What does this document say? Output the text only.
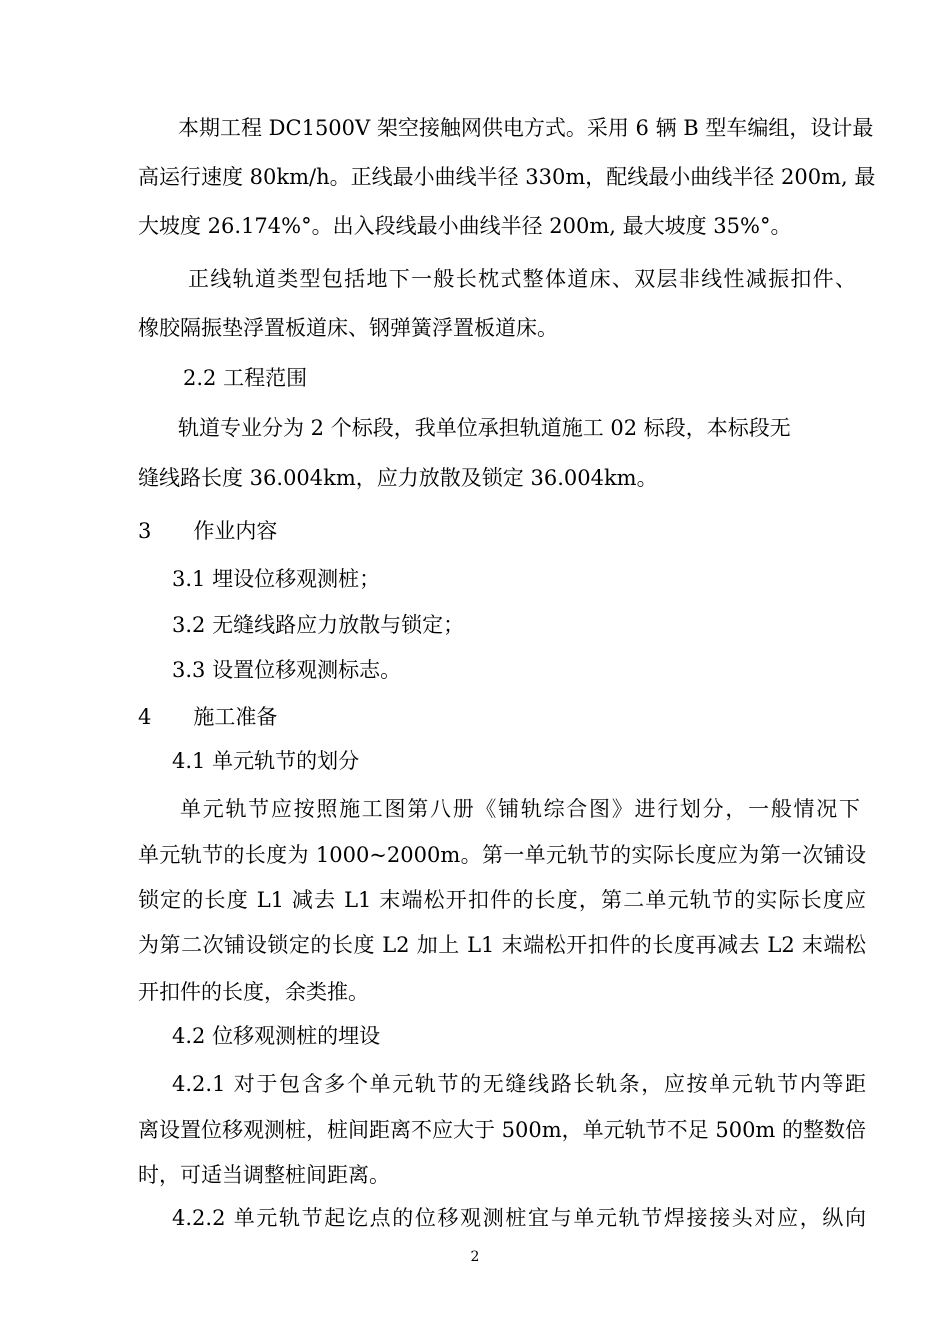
本期工程 DC1500V 架空接触网供电方式。采用 6 辆 B 型车编组，设计最
高运行速度 80km/h。正线最小曲线半径 330m，配线最小曲线半径 200m, 最
大坡度 26.174%°。出入段线最小曲线半径 200m, 最大坡度 35%°。
正线轨道类型包括地下一般长枕式整体道床、双层非线性减振扣件、
橡胶隔振垫浮置板道床、钢弹簧浮置板道床。
2.2 工程范围
轨道专业分为 2 个标段，我单位承担轨道施工 02 标段，本标段无
缝线路长度 36.004km，应力放散及锁定 36.004km。
3　　作业内容
3.1 埋设位移观测桩；
3.2 无缝线路应力放散与锁定；
3.3 设置位移观测标志。
4　　施工准备
4.1 单元轨节的划分
单元轨节应按照施工图第八册《铺轨综合图》进行划分，一般情况下
单元轨节的长度为 1000~2000m。第一单元轨节的实际长度应为第一次铺设
锁定的长度 L1 减去 L1 末端松开扣件的长度，第二单元轨节的实际长度应
为第二次铺设锁定的长度 L2 加上 L1 末端松开扣件的长度再减去 L2 末端松
开扣件的长度，余类推。
4.2 位移观测桩的埋设
4.2.1 对于包含多个单元轨节的无缝线路长轨条，应按单元轨节内等距
离设置位移观测桩，桩间距离不应大于 500m，单元轨节不足 500m 的整数倍
时，可适当调整桩间距离。
4.2.2 单元轨节起讫点的位移观测桩宜与单元轨节焊接接头对应，纵向
2
